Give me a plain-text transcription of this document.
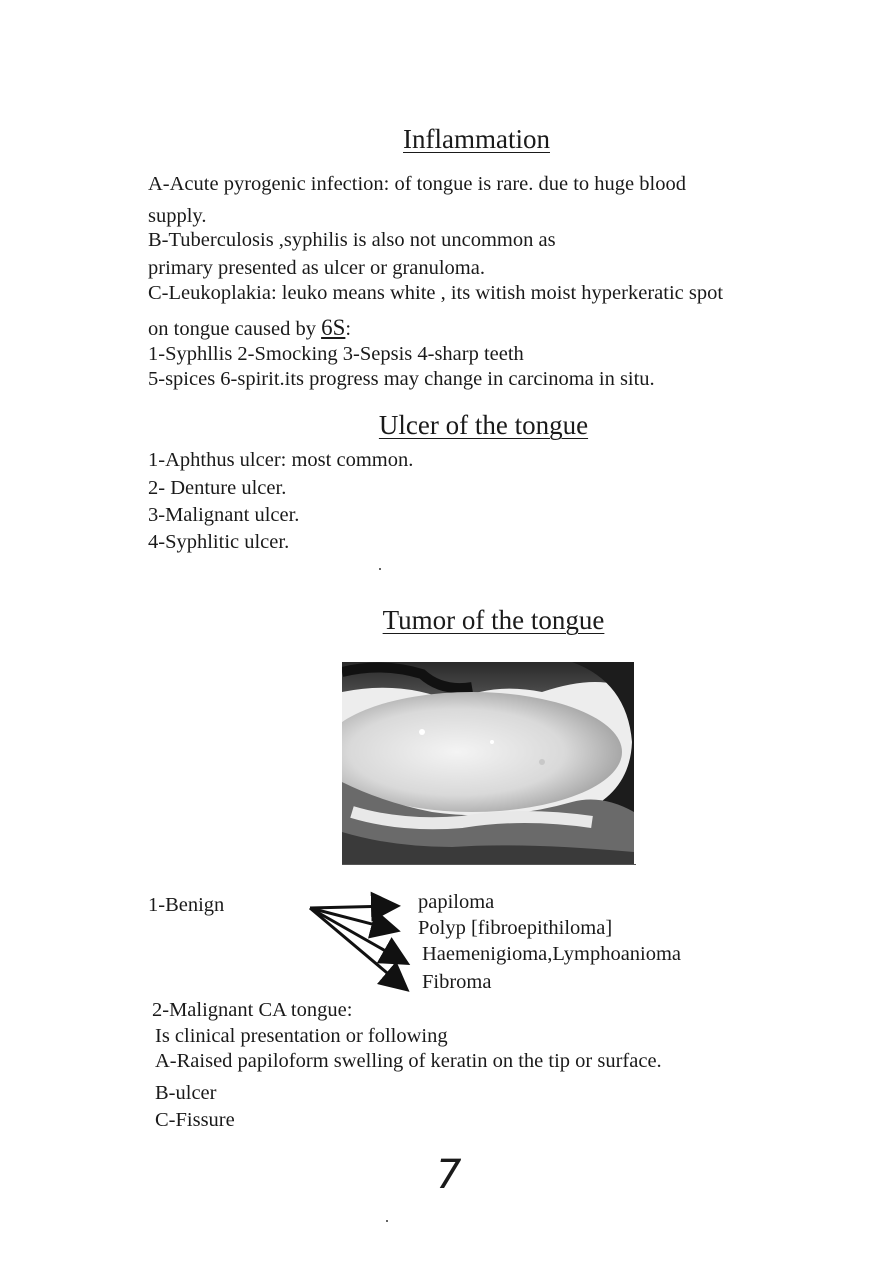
Inflammation
A-Acute pyrogenic infection: of tongue is rare. due to huge blood
supply.
B-Tuberculosis ,syphilis is also not uncommon as
primary presented as ulcer or granuloma.
C-Leukoplakia: leuko means white , its witish moist hyperkeratic spot
on tongue caused by 6S:
1-Syphllis 2-Smocking 3-Sepsis 4-sharp teeth
5-spices 6-spirit.its progress may change in carcinoma in situ.
Ulcer of the tongue
1-Aphthus ulcer: most common.
2- Denture ulcer.
3-Malignant ulcer.
4-Syphlitic ulcer.
Tumor of the tongue
1-Benign	papiloma
Polyp [fibroepithiloma]
Haemenigioma,Lymphoanioma
Fibroma
2-Malignant CA tongue:
Is clinical presentation or following
A-Raised papiloform swelling of keratin on the tip or surface.
B-ulcer
C-Fissure
7
